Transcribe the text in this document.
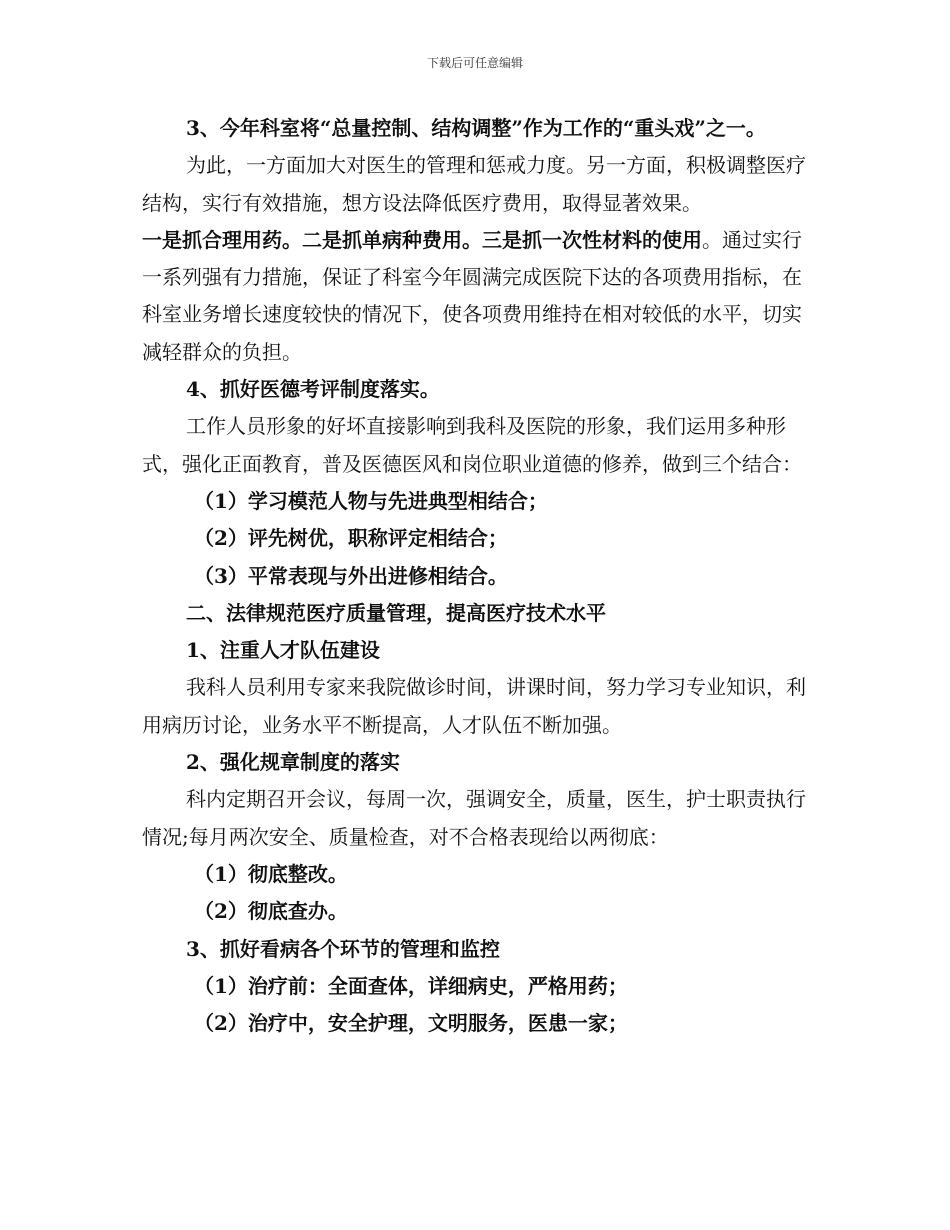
下载后可任意编辑

3、今年科室将“总量控制、结构调整”作为工作的“重头戏”之一。

为此，一方面加大对医生的管理和惩戒力度。另一方面，积极调整医疗结构，实行有效措施，想方设法降低医疗费用，取得显著效果。

一是抓合理用药。二是抓单病种费用。三是抓一次性材料的使用。通过实行一系列强有力措施，保证了科室今年圆满完成医院下达的各项费用指标，在科室业务增长速度较快的情况下，使各项费用维持在相对较低的水平，切实减轻群众的负担。

4、抓好医德考评制度落实。

工作人员形象的好坏直接影响到我科及医院的形象，我们运用多种形式，强化正面教育，普及医德医风和岗位职业道德的修养，做到三个结合：

（1）学习模范人物与先进典型相结合；

（2）评先树优，职称评定相结合；

（3）平常表现与外出进修相结合。

二、法律规范医疗质量管理，提高医疗技术水平

1、注重人才队伍建设

我科人员利用专家来我院做诊时间，讲课时间，努力学习专业知识，利用病历讨论，业务水平不断提高，人才队伍不断加强。

2、强化规章制度的落实

科内定期召开会议，每周一次，强调安全，质量，医生，护士职责执行情况;每月两次安全、质量检查，对不合格表现给以两彻底：

（1）彻底整改。

（2）彻底查办。

3、抓好看病各个环节的管理和监控

（1）治疗前：全面查体，详细病史，严格用药；

（2）治疗中，安全护理，文明服务，医患一家；
